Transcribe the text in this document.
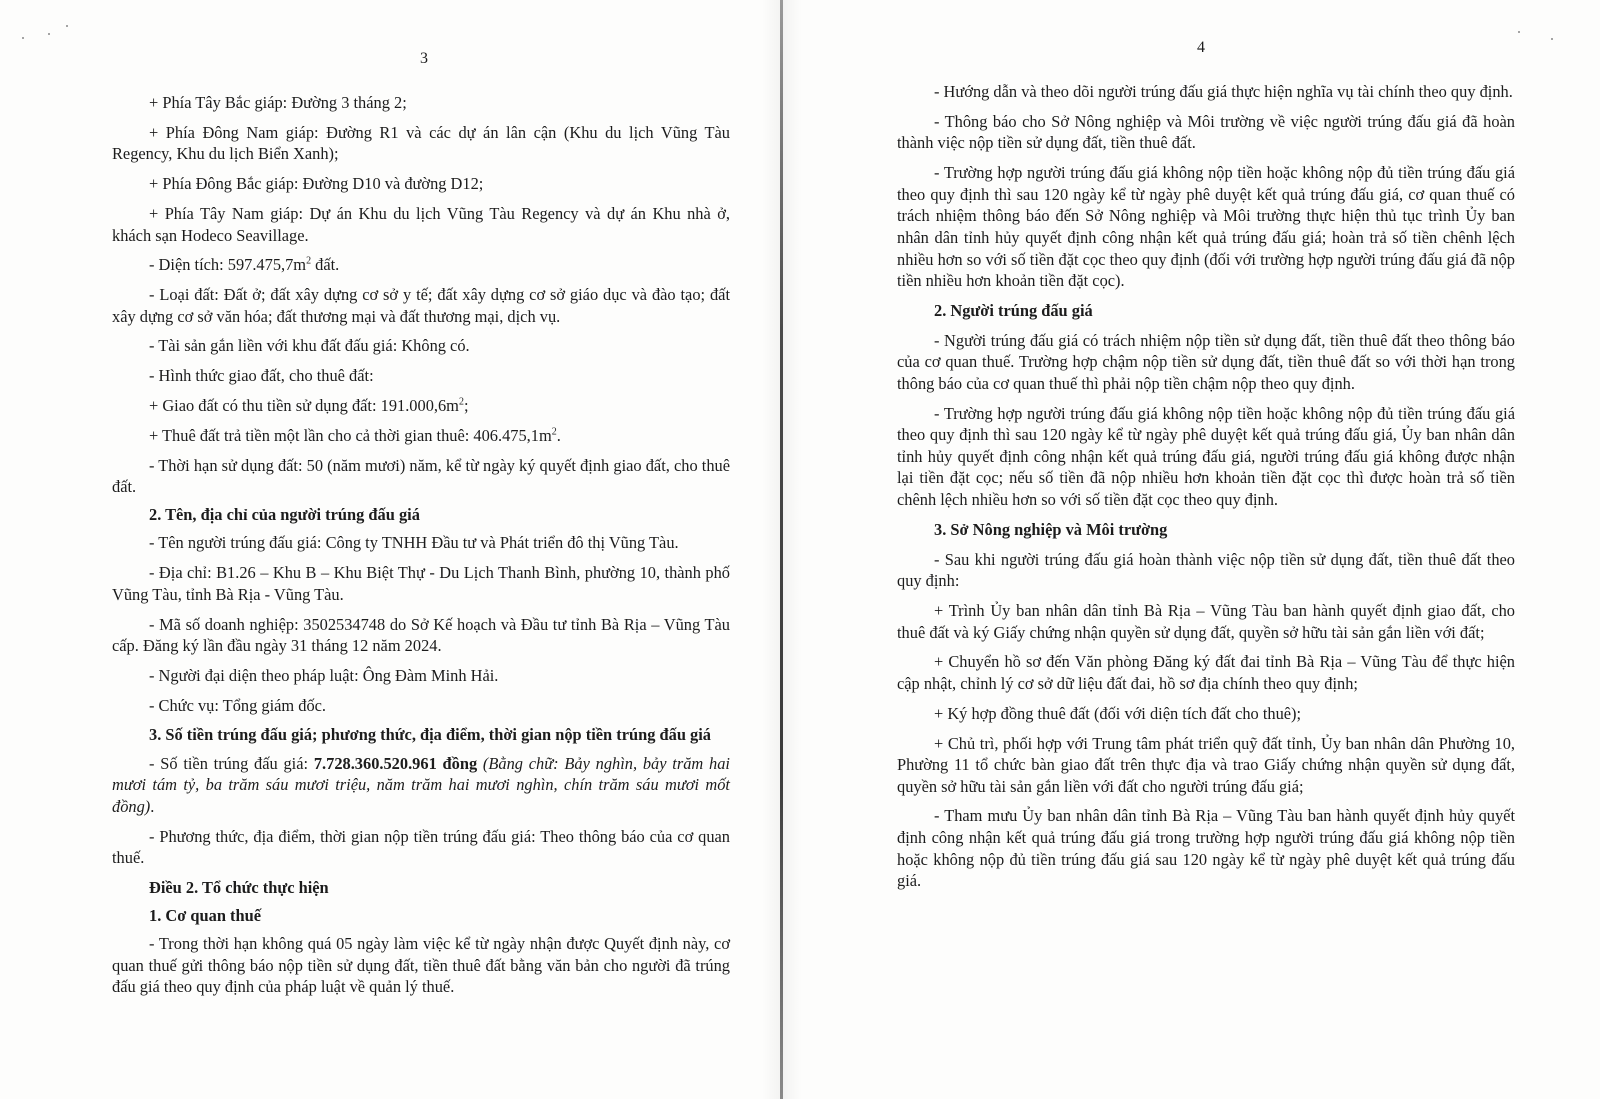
3

+ Phía Tây Bắc giáp: Đường 3 tháng 2;

+ Phía Đông Nam giáp: Đường R1 và các dự án lân cận (Khu du lịch Vũng Tàu Regency, Khu du lịch Biển Xanh);

+ Phía Đông Bắc giáp: Đường D10 và đường D12;

+ Phía Tây Nam giáp: Dự án Khu du lịch Vũng Tàu Regency và dự án Khu nhà ở, khách sạn Hodeco Seavillage.

- Diện tích: $597.475,7m^2$ đất.

- Loại đất: Đất ở; đất xây dựng cơ sở y tế; đất xây dựng cơ sở giáo dục và đào tạo; đất xây dựng cơ sở văn hóa; đất thương mại và đất thương mại, dịch vụ.

- Tài sản gắn liền với khu đất đấu giá: Không có.

- Hình thức giao đất, cho thuê đất:

+ Giao đất có thu tiền sử dụng đất: $191.000,6m^2$;

+ Thuê đất trả tiền một lần cho cả thời gian thuê: $406.475,1m^2$.

- Thời hạn sử dụng đất: 50 (năm mươi) năm, kể từ ngày ký quyết định giao đất, cho thuê đất.

2. Tên, địa chỉ của người trúng đấu giá

- Tên người trúng đấu giá: Công ty TNHH Đầu tư và Phát triển đô thị Vũng Tàu.

- Địa chỉ: B1.26 – Khu B – Khu Biệt Thự - Du Lịch Thanh Bình, phường 10, thành phố Vũng Tàu, tỉnh Bà Rịa - Vũng Tàu.

- Mã số doanh nghiệp: 3502534748 do Sở Kế hoạch và Đầu tư tỉnh Bà Rịa – Vũng Tàu cấp. Đăng ký lần đầu ngày 31 tháng 12 năm 2024.

- Người đại diện theo pháp luật: Ông Đàm Minh Hải.

- Chức vụ: Tổng giám đốc.

3. Số tiền trúng đấu giá; phương thức, địa điểm, thời gian nộp tiền trúng đấu giá

- Số tiền trúng đấu giá: 7.728.360.520.961 đồng (Bằng chữ: Bảy nghìn, bảy trăm hai mươi tám tỷ, ba trăm sáu mươi triệu, năm trăm hai mươi nghìn, chín trăm sáu mươi mốt đồng).

- Phương thức, địa điểm, thời gian nộp tiền trúng đấu giá: Theo thông báo của cơ quan thuế.

Điều 2. Tổ chức thực hiện

1. Cơ quan thuế

- Trong thời hạn không quá 05 ngày làm việc kể từ ngày nhận được Quyết định này, cơ quan thuế gửi thông báo nộp tiền sử dụng đất, tiền thuê đất bằng văn bản cho người đã trúng đấu giá theo quy định của pháp luật về quản lý thuế.

4

- Hướng dẫn và theo dõi người trúng đấu giá thực hiện nghĩa vụ tài chính theo quy định.

- Thông báo cho Sở Nông nghiệp và Môi trường về việc người trúng đấu giá đã hoàn thành việc nộp tiền sử dụng đất, tiền thuê đất.

- Trường hợp người trúng đấu giá không nộp tiền hoặc không nộp đủ tiền trúng đấu giá theo quy định thì sau 120 ngày kể từ ngày phê duyệt kết quả trúng đấu giá, cơ quan thuế có trách nhiệm thông báo đến Sở Nông nghiệp và Môi trường thực hiện thủ tục trình Ủy ban nhân dân tỉnh hủy quyết định công nhận kết quả trúng đấu giá; hoàn trả số tiền chênh lệch nhiều hơn so với số tiền đặt cọc theo quy định (đối với trường hợp người trúng đấu giá đã nộp tiền nhiều hơn khoản tiền đặt cọc).

2. Người trúng đấu giá

- Người trúng đấu giá có trách nhiệm nộp tiền sử dụng đất, tiền thuê đất theo thông báo của cơ quan thuế. Trường hợp chậm nộp tiền sử dụng đất, tiền thuê đất so với thời hạn trong thông báo của cơ quan thuế thì phải nộp tiền chậm nộp theo quy định.

- Trường hợp người trúng đấu giá không nộp tiền hoặc không nộp đủ tiền trúng đấu giá theo quy định thì sau 120 ngày kể từ ngày phê duyệt kết quả trúng đấu giá, Ủy ban nhân dân tỉnh hủy quyết định công nhận kết quả trúng đấu giá, người trúng đấu giá không được nhận lại tiền đặt cọc; nếu số tiền đã nộp nhiều hơn khoản tiền đặt cọc thì được hoàn trả số tiền chênh lệch nhiều hơn so với số tiền đặt cọc theo quy định.

3. Sở Nông nghiệp và Môi trường

- Sau khi người trúng đấu giá hoàn thành việc nộp tiền sử dụng đất, tiền thuê đất theo quy định:

+ Trình Ủy ban nhân dân tỉnh Bà Rịa – Vũng Tàu ban hành quyết định giao đất, cho thuê đất và ký Giấy chứng nhận quyền sử dụng đất, quyền sở hữu tài sản gắn liền với đất;

+ Chuyển hồ sơ đến Văn phòng Đăng ký đất đai tỉnh Bà Rịa – Vũng Tàu để thực hiện cập nhật, chỉnh lý cơ sở dữ liệu đất đai, hồ sơ địa chính theo quy định;

+ Ký hợp đồng thuê đất (đối với diện tích đất cho thuê);

+ Chủ trì, phối hợp với Trung tâm phát triển quỹ đất tỉnh, Ủy ban nhân dân Phường 10, Phường 11 tổ chức bàn giao đất trên thực địa và trao Giấy chứng nhận quyền sử dụng đất, quyền sở hữu tài sản gắn liền với đất cho người trúng đấu giá;

- Tham mưu Ủy ban nhân dân tỉnh Bà Rịa – Vũng Tàu ban hành quyết định hủy quyết định công nhận kết quả trúng đấu giá trong trường hợp người trúng đấu giá không nộp tiền hoặc không nộp đủ tiền trúng đấu giá sau 120 ngày kể từ ngày phê duyệt kết quả trúng đấu giá.
